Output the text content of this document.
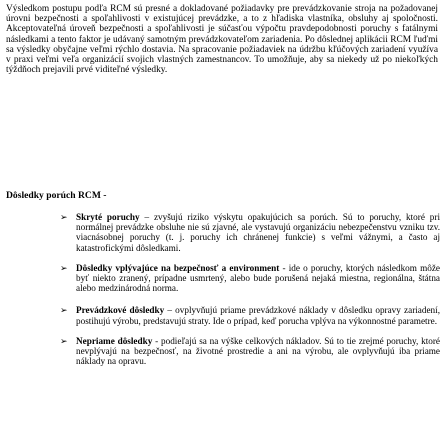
Výsledkom postupu podľa RCM sú presné a dokladované požiadavky pre prevádzkovanie stroja na požadovanej úrovni bezpečnosti a spoľahlivosti v existujúcej prevádzke, a to z hľadiska vlastníka, obsluhy aj spoločnosti. Akceptovateľná úroveň bezpečnosti a spoľahlivosti je súčasťou výpočtu pravdepodobnosti poruchy s fatálnymi následkami a tento faktor je udávaný samotným prevádzkovateľom zariadenia. Po dôslednej aplikácii RCM ľuďmi sa výsledky obyčajne veľmi rýchlo dostavia. Na spracovanie požiadaviek na údržbu kľúčových zariadení využíva v praxi veľmi veľa organizácií svojich vlastných zamestnancov. To umožňuje, aby sa niekedy už po niekoľkých týždňoch prejavili prvé viditeľné výsledky.

Dôsledky porúch RCM -

➢ Skryté poruchy – zvyšujú riziko výskytu opakujúcich sa porúch. Sú to poruchy, ktoré pri normálnej prevádzke obsluhe nie sú zjavné, ale vystavujú organizáciu nebezpečenstvu vzniku tzv. viacnásobnej poruchy (t. j. poruchy ich chránenej funkcie) s veľmi vážnymi, a často aj katastrofickými dôsledkami.
➢ Dôsledky vplývajúce na bezpečnosť a environment - ide o poruchy, ktorých následkom môže byť niekto zranený, prípadne usmrtený, alebo bude porušená nejaká miestna, regionálna, štátna alebo medzinárodná norma.
➢ Prevádzkové dôsledky – ovplyvňujú priame prevádzkové náklady v dôsledku opravy zariadení, postihujú výrobu, predstavujú straty. Ide o prípad, keď porucha vplýva na výkonnostné parametre.
➢ Nepriame dôsledky - podieľajú sa na výške celkových nákladov. Sú to tie zrejmé poruchy, ktoré nevplývajú na bezpečnosť, na životné prostredie a ani na výrobu, ale ovplyvňujú iba priame náklady na opravu.
